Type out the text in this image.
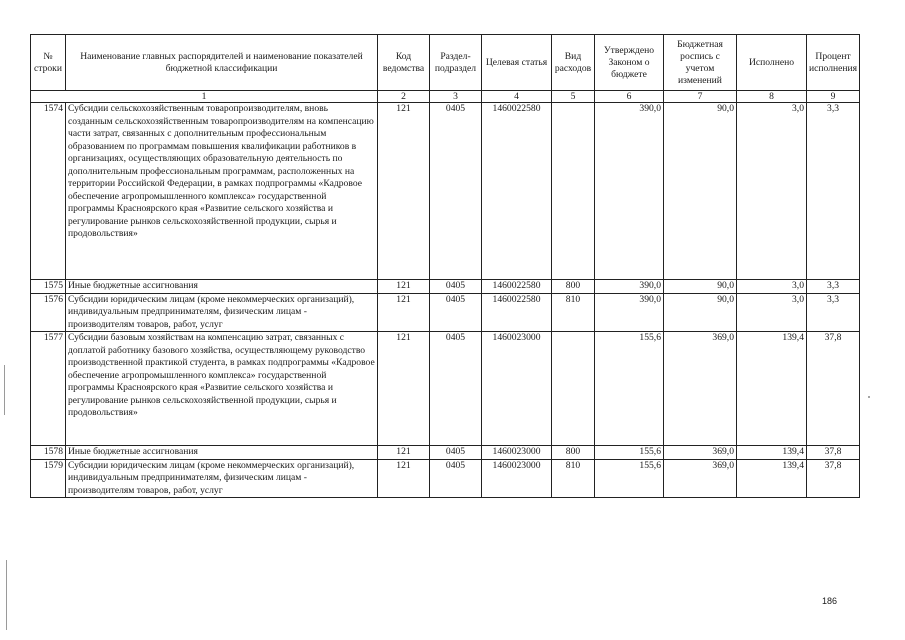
№ строки	Наименование главных распорядителей и наименование показателей бюджетной классификации	Код ведомства	Раздел-подраздел	Целевая статья	Вид расходов	Утверждено Законом о бюджете	Бюджетная роспись с учетом изменений	Исполнено	Процент исполнения
1		2	3	4	5	6	7	8	9
1574	Субсидии сельскохозяйственным товаропроизводителям, вновь созданным сельскохозяйственным товаропроизводителям на компенсацию части затрат, связанных с дополнительным профессиональным образованием по программам повышения квалификации работников в организациях, осуществляющих образовательную деятельность по дополнительным профессиональным программам, расположенных на территории Российской Федерации, в рамках подпрограммы «Кадровое обеспечение агропромышленного комплекса» государственной программы Красноярского края «Развитие сельского хозяйства и регулирование рынков сельскохозяйственной продукции, сырья и продовольствия»	121	0405	1460022580		390,0	90,0	3,0	3,3
1575	Иные бюджетные ассигнования	121	0405	1460022580	800	390,0	90,0	3,0	3,3
1576	Субсидии юридическим лицам (кроме некоммерческих организаций), индивидуальным предпринимателям, физическим лицам - производителям товаров, работ, услуг	121	0405	1460022580	810	390,0	90,0	3,0	3,3
1577	Субсидии базовым хозяйствам на компенсацию затрат, связанных с доплатой работнику базового хозяйства, осуществляющему руководство производственной практикой студента, в рамках подпрограммы «Кадровое обеспечение агропромышленного комплекса» государственной программы Красноярского края «Развитие сельского хозяйства и регулирование рынков сельскохозяйственной продукции, сырья и продовольствия»	121	0405	1460023000		155,6	369,0	139,4	37,8
1578	Иные бюджетные ассигнования	121	0405	1460023000	800	155,6	369,0	139,4	37,8
1579	Субсидии юридическим лицам (кроме некоммерческих организаций), индивидуальным предпринимателям, физическим лицам - производителям товаров, работ, услуг	121	0405	1460023000	810	155,6	369,0	139,4	37,8
186
